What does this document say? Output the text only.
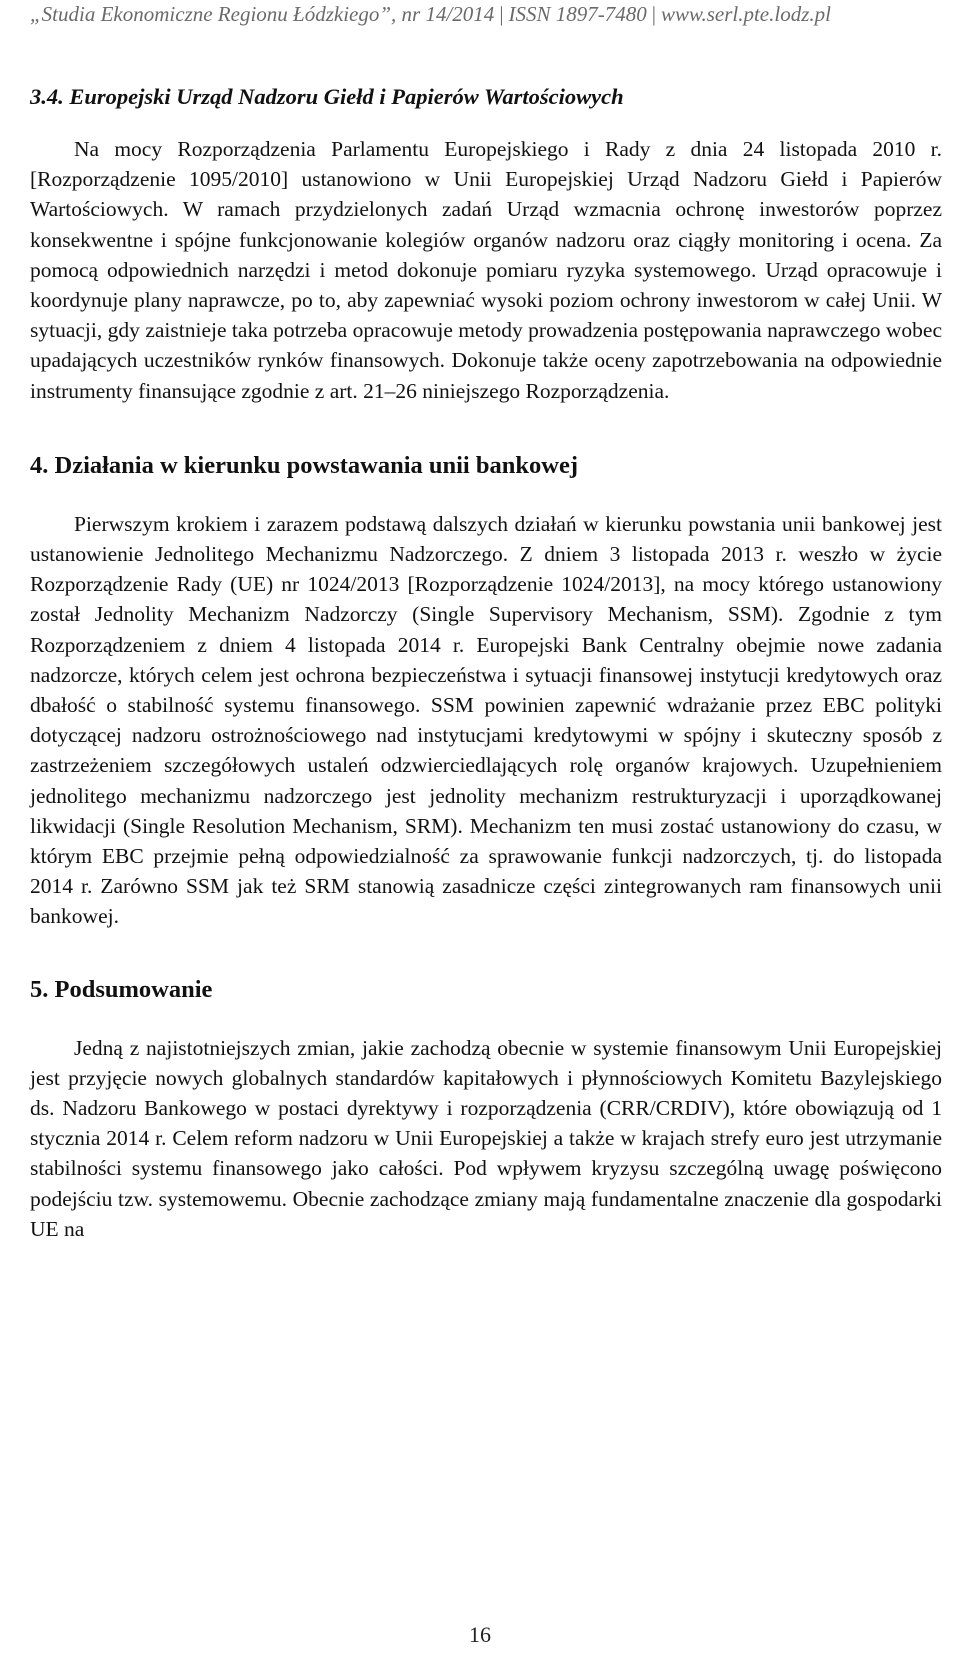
„Studia Ekonomiczne Regionu Łódzkiego”, nr 14/2014 | ISSN 1897-7480 | www.serl.pte.lodz.pl
3.4. Europejski Urząd Nadzoru Giełd i Papierów Wartościowych

Na mocy Rozporządzenia Parlamentu Europejskiego i Rady z dnia 24 listopada 2010 r. [Rozporządzenie 1095/2010] ustanowiono w Unii Europejskiej Urząd Nadzoru Giełd i Papierów Wartościowych. W ramach przydzielonych zadań Urząd wzmacnia ochronę inwestorów poprzez konsekwentne i spójne funkcjonowanie kolegiów organów nadzoru oraz ciągły monitoring i ocena. Za pomocą odpowiednich narzędzi i metod dokonuje pomiaru ryzyka systemowego. Urząd opracowuje i koordynuje plany naprawcze, po to, aby zapewniać wysoki poziom ochrony inwestorom w całej Unii. W sytuacji, gdy zaistnieje taka potrzeba opracowuje metody prowadzenia postępowania naprawczego wobec upadających uczestników rynków finansowych. Dokonuje także oceny zapotrzebowania na odpowiednie instrumenty finansujące zgodnie z art. 21–26 niniejszego Rozporządzenia.

4. Działania w kierunku powstawania unii bankowej

Pierwszym krokiem i zarazem podstawą dalszych działań w kierunku powstania unii bankowej jest ustanowienie Jednolitego Mechanizmu Nadzorczego. Z dniem 3 listopada 2013 r. weszło w życie Rozporządzenie Rady (UE) nr 1024/2013 [Rozporządzenie 1024/2013], na mocy którego ustanowiony został Jednolity Mechanizm Nadzorczy (Single Supervisory Mechanism, SSM). Zgodnie z tym Rozporządzeniem z dniem 4 listopada 2014 r. Europejski Bank Centralny obejmie nowe zadania nadzorcze, których celem jest ochrona bezpieczeństwa i sytuacji finansowej instytucji kredytowych oraz dbałość o stabilność systemu finansowego. SSM powinien zapewnić wdrażanie przez EBC polityki dotyczącej nadzoru ostrożnościowego nad instytucjami kredytowymi w spójny i skuteczny sposób z zastrzeżeniem szczegółowych ustaleń odzwierciedlających rolę organów krajowych. Uzupełnieniem jednolitego mechanizmu nadzorczego jest jednolity mechanizm restrukturyzacji i uporządkowanej likwidacji (Single Resolution Mechanism, SRM). Mechanizm ten musi zostać ustanowiony do czasu, w którym EBC przejmie pełną odpowiedzialność za sprawowanie funkcji nadzorczych, tj. do listopada 2014 r. Zarówno SSM jak też SRM stanowią zasadnicze części zintegrowanych ram finansowych unii bankowej.

5. Podsumowanie

Jedną z najistotniejszych zmian, jakie zachodzą obecnie w systemie finansowym Unii Europejskiej jest przyjęcie nowych globalnych standardów kapitałowych i płynnościowych Komitetu Bazylejskiego ds. Nadzoru Bankowego w postaci dyrektywy i rozporządzenia (CRR/CRDIV), które obowiązują od 1 stycznia 2014 r. Celem reform nadzoru w Unii Europejskiej a także w krajach strefy euro jest utrzymanie stabilności systemu finansowego jako całości. Pod wpływem kryzysu szczególną uwagę poświęcono podejściu tzw. systemowemu. Obecnie zachodzące zmiany mają fundamentalne znaczenie dla gospodarki UE na

16
